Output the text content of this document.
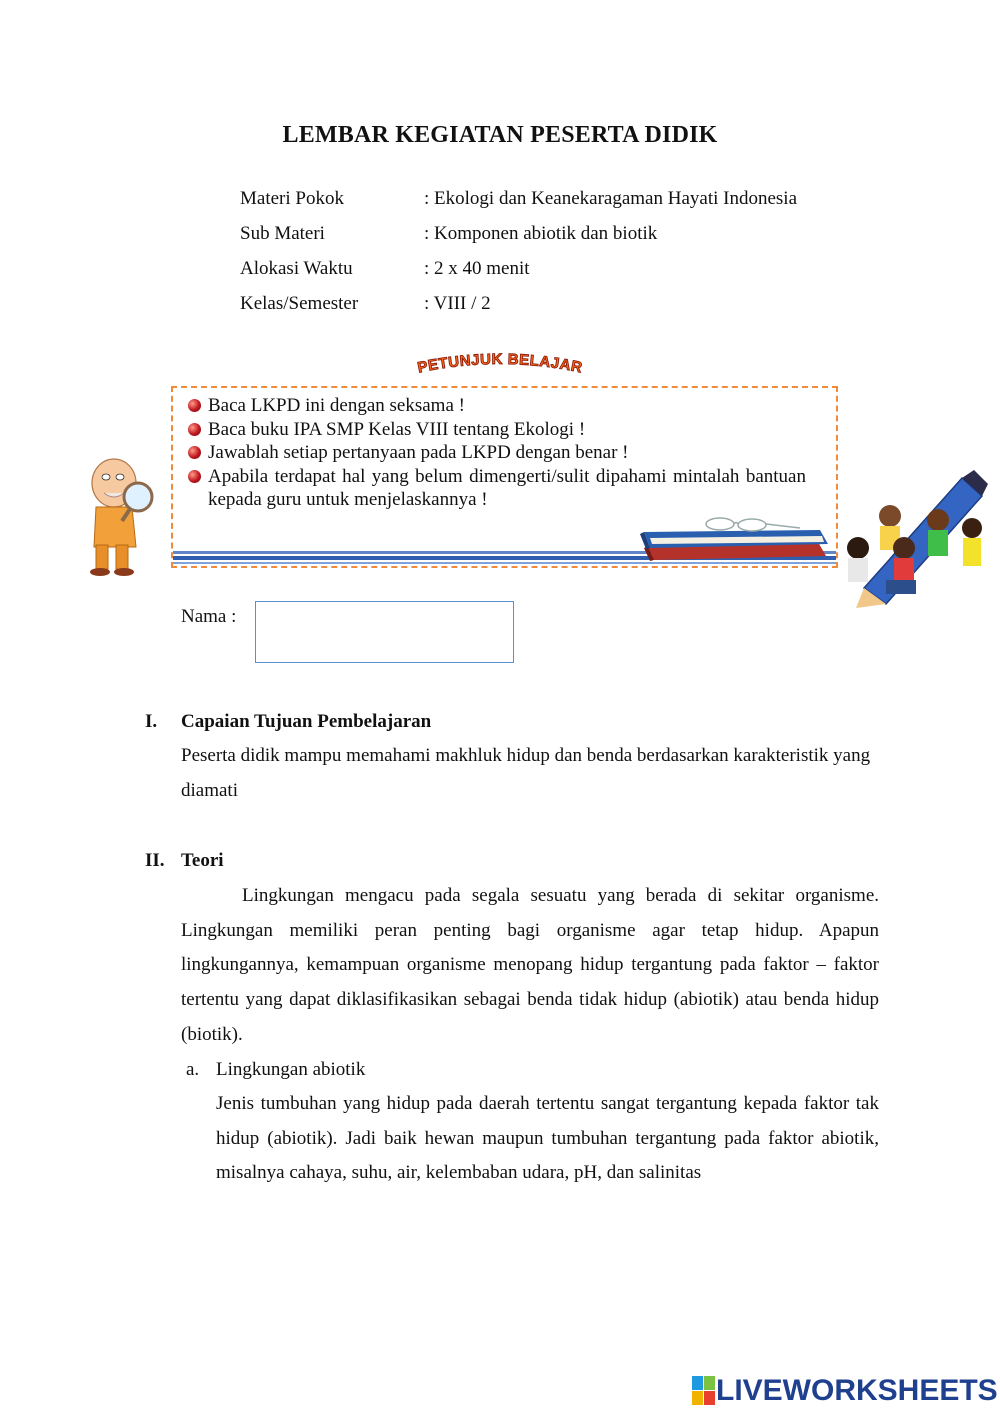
LEMBAR KEGIATAN PESERTA DIDIK
Materi Pokok	: Ekologi dan Keanekaragaman Hayati Indonesia
Sub Materi	: Komponen abiotik dan biotik
Alokasi Waktu	: 2 x 40 menit
Kelas/Semester	: VIII / 2
PETUNJUK BELAJAR
Baca LKPD ini dengan seksama !
Baca buku IPA SMP Kelas VIII tentang Ekologi !
Jawablah setiap pertanyaan pada LKPD dengan benar !
Apabila terdapat hal yang belum dimengerti/sulit dipahami mintalah bantuan kepada guru untuk menjelaskannya !
Nama :
I. Capaian Tujuan Pembelajaran
Peserta didik mampu memahami makhluk hidup dan benda berdasarkan karakteristik yang diamati
II. Teori
Lingkungan mengacu pada segala sesuatu yang berada di sekitar organisme. Lingkungan memiliki peran penting bagi organisme agar tetap hidup. Apapun lingkungannya, kemampuan organisme menopang hidup tergantung pada faktor – faktor tertentu yang dapat diklasifikasikan sebagai benda tidak hidup (abiotik) atau benda hidup (biotik).
a. Lingkungan abiotik
Jenis tumbuhan yang hidup pada daerah tertentu sangat tergantung kepada faktor tak hidup (abiotik). Jadi baik hewan maupun tumbuhan tergantung pada faktor abiotik, misalnya cahaya, suhu, air, kelembaban udara, pH, dan salinitas
LIVEWORKSHEETS
